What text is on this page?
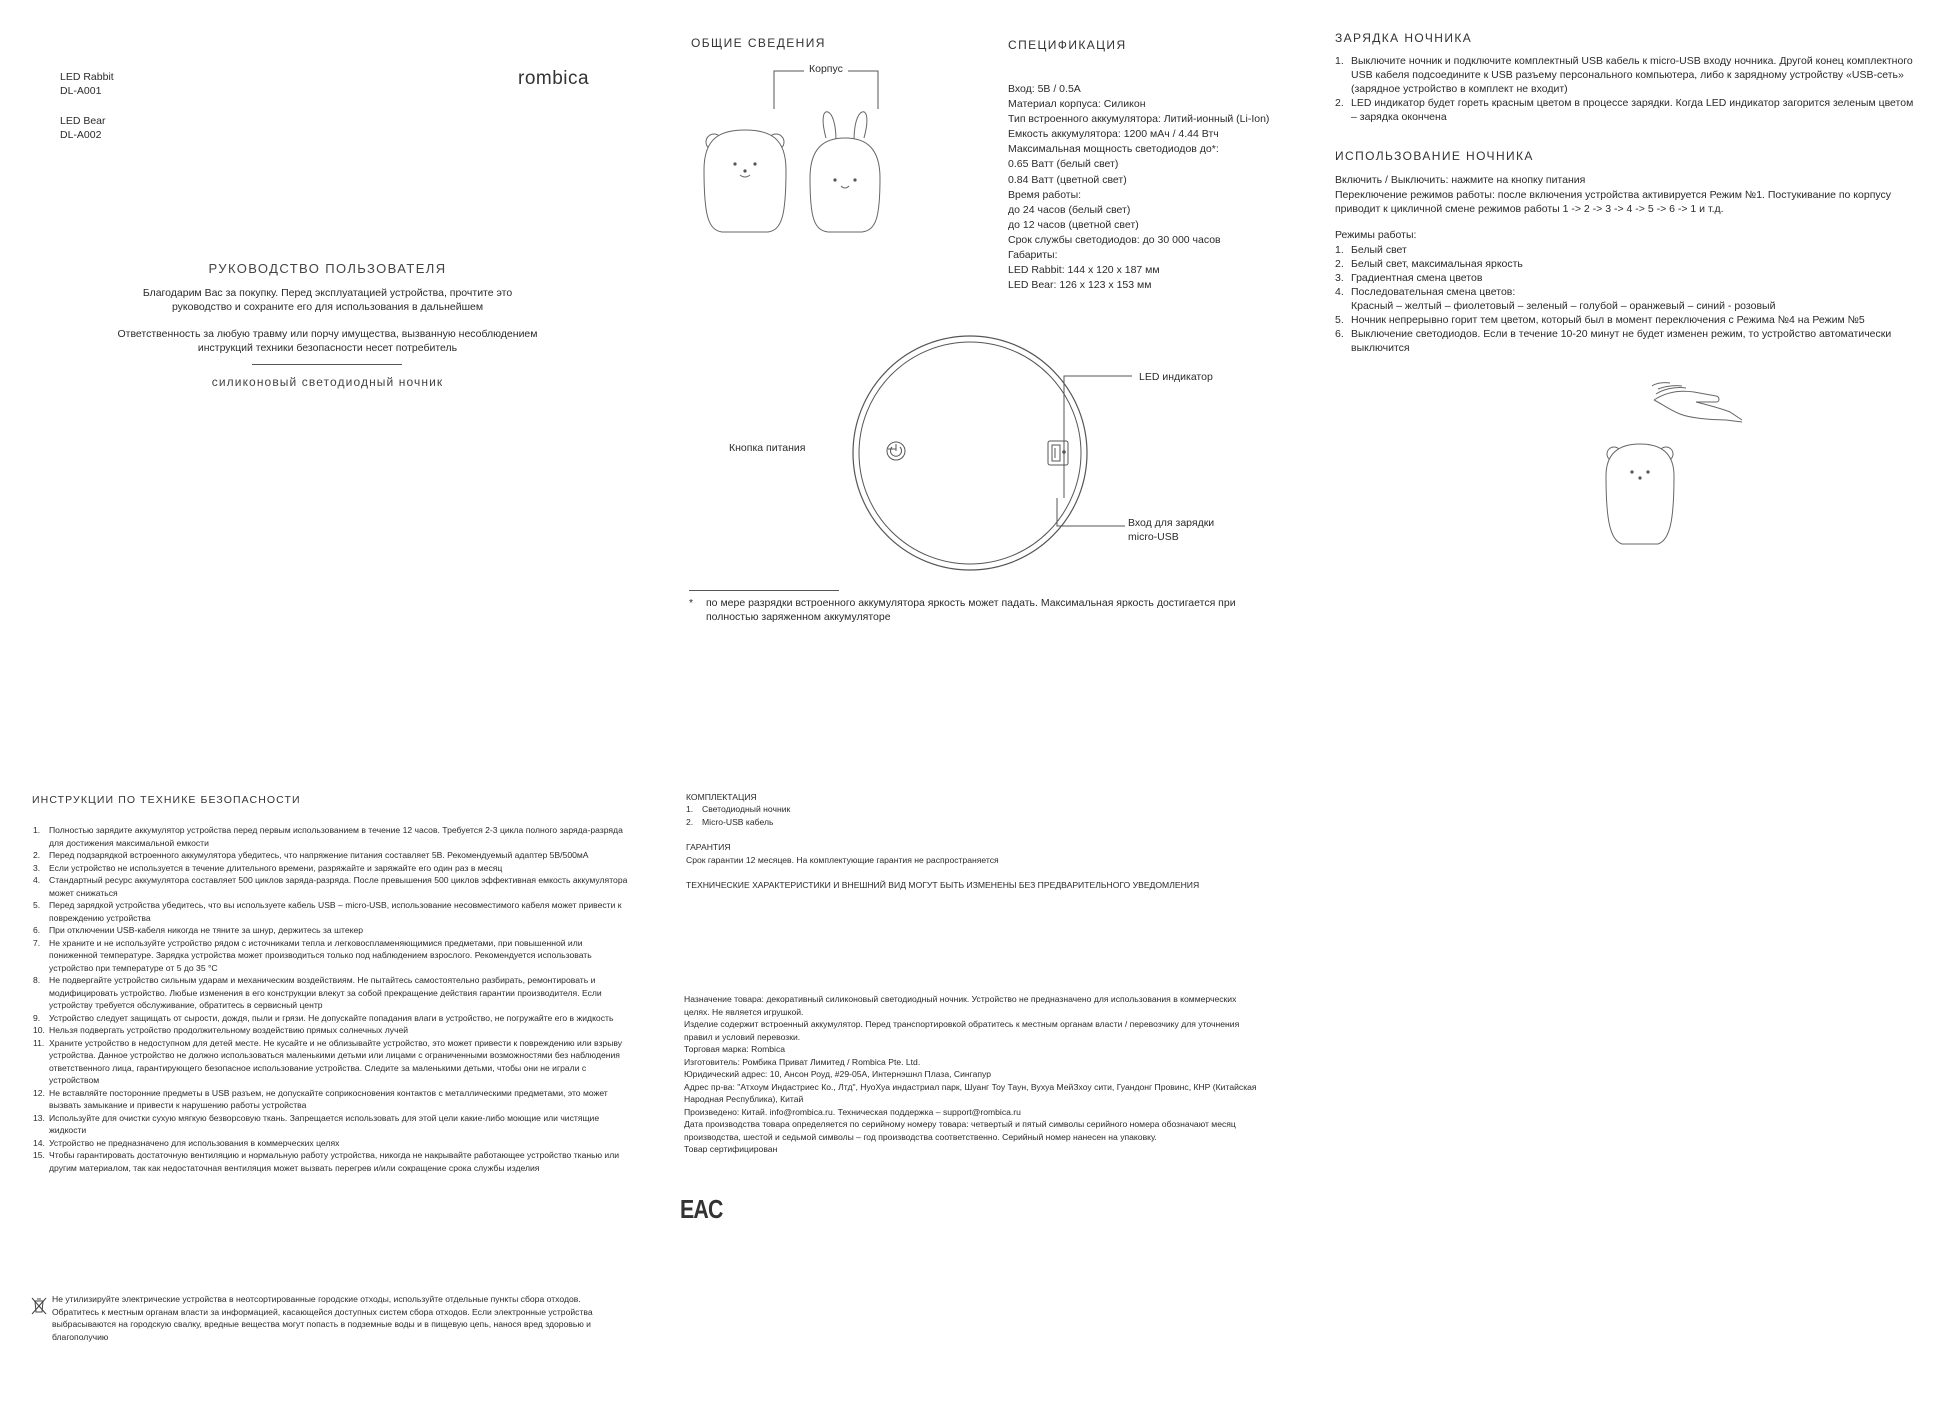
LED Rabbit
DL-A001
LED Bear
DL-A002
rombica
РУКОВОДСТВО ПОЛЬЗОВАТЕЛЯ
Благодарим Вас за покупку. Перед эксплуатацией устройства, прочтите это руководство и сохраните его для использования в дальнейшем
Ответственность за любую травму или порчу имущества, вызванную несоблюдением инструкций техники безопасности несет потребитель
силиконовый светодиодный ночник
ОБЩИЕ СВЕДЕНИЯ
Корпус
СПЕЦИФИКАЦИЯ
Вход: 5В / 0.5А
Материал корпуса: Силикон
Тип встроенного аккумулятора: Литий-ионный (Li-Ion)
Емкость аккумулятора: 1200 мАч / 4.44 Втч
Максимальная мощность светодиодов до*:
0.65 Ватт (белый свет)
0.84 Ватт (цветной свет)
Время работы:
до 24 часов (белый свет)
до 12 часов (цветной свет)
Срок службы светодиодов: до 30 000 часов
Габариты:
LED Rabbit: 144 х 120 х 187 мм
LED Bear: 126 х 123 х 153 мм
LED индикатор
Кнопка питания
Вход для зарядки
micro-USB
* по мере разрядки встроенного аккумулятора яркость может падать. Максимальная яркость достигается при полностью заряженном аккумуляторе
ЗАРЯДКА НОЧНИКА
1. Выключите ночник и подключите комплектный USB кабель к micro-USB входу ночника. Другой конец комплектного USB кабеля подсоедините к USB разъему персонального компьютера, либо к зарядному устройству «USB-сеть» (зарядное устройство в комплект не входит)
2. LED индикатор будет гореть красным цветом в процессе зарядки. Когда LED индикатор загорится зеленым цветом – зарядка окончена
ИСПОЛЬЗОВАНИЕ НОЧНИКА
Включить / Выключить: нажмите на кнопку питания
Переключение режимов работы: после включения устройства активируется Режим №1. Постукивание по корпусу приводит к цикличной смене режимов работы 1 -> 2 -> 3 -> 4 -> 5 -> 6 -> 1 и т.д.
Режимы работы:
1. Белый свет
2. Белый свет, максимальная яркость
3. Градиентная смена цветов
4. Последовательная смена цветов:
Красный – желтый – фиолетовый – зеленый – голубой – оранжевый – синий - розовый
5. Ночник непрерывно горит тем цветом, который был в момент переключения с Режима №4 на Режим №5
6. Выключение светодиодов. Если в течение 10-20 минут не будет изменен режим, то устройство автоматически выключится
ИНСТРУКЦИИ ПО ТЕХНИКЕ БЕЗОПАСНОСТИ
1. Полностью зарядите аккумулятор устройства перед первым использованием в течение 12 часов. Требуется 2-3 цикла полного заряда-разряда для достижения максимальной емкости
2. Перед подзарядкой встроенного аккумулятора убедитесь, что напряжение питания составляет 5В. Рекомендуемый адаптер 5В/500мА
3. Если устройство не используется в течение длительного времени, разряжайте и заряжайте его один раз в месяц
4. Стандартный ресурс аккумулятора составляет 500 циклов заряда-разряда. После превышения 500 циклов эффективная емкость аккумулятора может снижаться
5. Перед зарядкой устройства убедитесь, что вы используете кабель USB – micro-USB, использование несовместимого кабеля может привести к повреждению устройства
6. При отключении USB-кабеля никогда не тяните за шнур, держитесь за штекер
7. Не храните и не используйте устройство рядом с источниками тепла и легковоспламеняющимися предметами, при повышенной или пониженной температуре. Зарядка устройства может производиться только под наблюдением взрослого. Рекомендуется использовать устройство при температуре от 5 до 35 °С
8. Не подвергайте устройство сильным ударам и механическим воздействиям. Не пытайтесь самостоятельно разбирать, ремонтировать и модифицировать устройство. Любые изменения в его конструкции влекут за собой прекращение действия гарантии производителя. Если устройству требуется обслуживание, обратитесь в сервисный центр
9. Устройство следует защищать от сырости, дождя, пыли и грязи. Не допускайте попадания влаги в устройство, не погружайте его в жидкость
10. Нельзя подвергать устройство продолжительному воздействию прямых солнечных лучей
11. Храните устройство в недоступном для детей месте. Не кусайте и не облизывайте устройство, это может привести к повреждению или взрыву устройства. Данное устройство не должно использоваться маленькими детьми или лицами с ограниченными возможностями без наблюдения ответственного лица, гарантирующего безопасное использование устройства. Следите за маленькими детьми, чтобы они не играли с устройством
12. Не вставляйте посторонние предметы в USB разъем, не допускайте соприкосновения контактов с металлическими предметами, это может вызвать замыкание и привести к нарушению работы устройства
13. Используйте для очистки сухую мягкую безворсовую ткань. Запрещается использовать для этой цели какие-либо моющие или чистящие жидкости
14. Устройство не предназначено для использования в коммерческих целях
15. Чтобы гарантировать достаточную вентиляцию и нормальную работу устройства, никогда не накрывайте работающее устройство тканью или другим материалом, так как недостаточная вентиляция может вызвать перегрев и/или сокращение срока службы изделия
Не утилизируйте электрические устройства в неотсортированные городские отходы, используйте отдельные пункты сбора отходов. Обратитесь к местным органам власти за информацией, касающейся доступных систем сбора отходов. Если электронные устройства выбрасываются на городскую свалку, вредные вещества могут попасть в подземные воды и в пищевую цепь, нанося вред здоровью и благополучию
КОМПЛЕКТАЦИЯ
1. Светодиодный ночник
2. Micro-USB кабель
ГАРАНТИЯ
Срок гарантии 12 месяцев. На комплектующие гарантия не распространяется
ТЕХНИЧЕСКИЕ ХАРАКТЕРИСТИКИ И ВНЕШНИЙ ВИД МОГУТ БЫТЬ ИЗМЕНЕНЫ БЕЗ ПРЕДВАРИТЕЛЬНОГО УВЕДОМЛЕНИЯ
Назначение товара: декоративный силиконовый светодиодный ночник. Устройство не предназначено для использования в коммерческих целях. Не является игрушкой.
Изделие содержит встроенный аккумулятор. Перед транспортировкой обратитесь к местным органам власти / перевозчику для уточнения правил и условий перевозки.
Торговая марка: Rombica
Изготовитель: Ромбика Приват Лимитед / Rombica Pte. Ltd.
Юридический адрес: 10, Ансон Роуд, #29-05А, Интернэшнл Плаза, Сингапур
Адрес пр-ва: "Атхоум Индастриес Ко., Лтд", НуоХуа индастриал парк, Шуанг Тоу Таун, Вухуа МейЗхоу сити, Гуандонг Провинс, КНР (Китайская Народная Республика), Китай
Произведено: Китай. info@rombica.ru. Техническая поддержка – support@rombica.ru
Дата производства товара определяется по серийному номеру товара: четвертый и пятый символы серийного номера обозначают месяц производства, шестой и седьмой символы – год производства соответственно. Серийный номер нанесен на упаковку.
Товар сертифицирован
EAC
